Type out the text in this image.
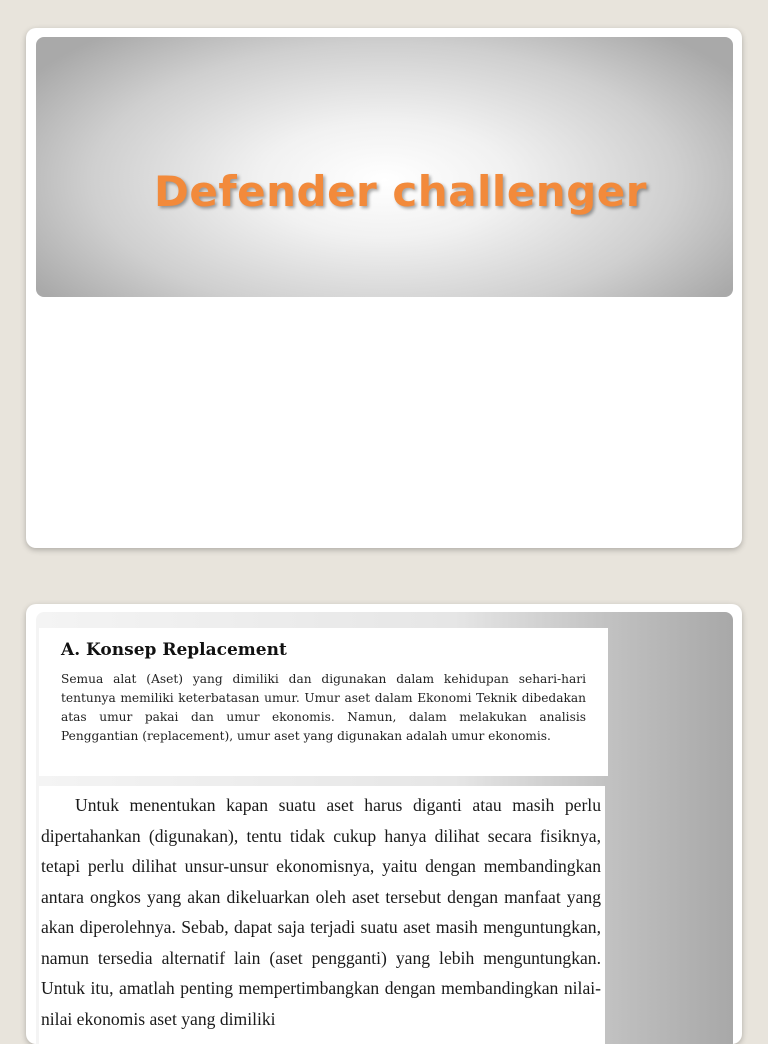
Defender challenger
A. Konsep Replacement

Semua alat (Aset) yang dimiliki dan digunakan dalam kehidupan sehari-hari tentunya memiliki keterbatasan umur. Umur aset dalam Ekonomi Teknik dibedakan atas umur pakai dan umur ekonomis. Namun, dalam melakukan analisis Penggantian (replacement), umur aset yang digunakan adalah umur ekonomis.

Untuk menentukan kapan suatu aset harus diganti atau masih perlu dipertahankan (digunakan), tentu tidak cukup hanya dilihat secara fisiknya, tetapi perlu dilihat unsur-unsur ekonomisnya, yaitu dengan membandingkan antara ongkos yang akan dikeluarkan oleh aset tersebut dengan manfaat yang akan diperolehnya. Sebab, dapat saja terjadi suatu aset masih menguntungkan, namun tersedia alternatif lain (aset pengganti) yang lebih menguntungkan. Untuk itu, amatlah penting mempertimbangkan dengan membandingkan nilai-nilai ekonomis aset yang dimiliki
